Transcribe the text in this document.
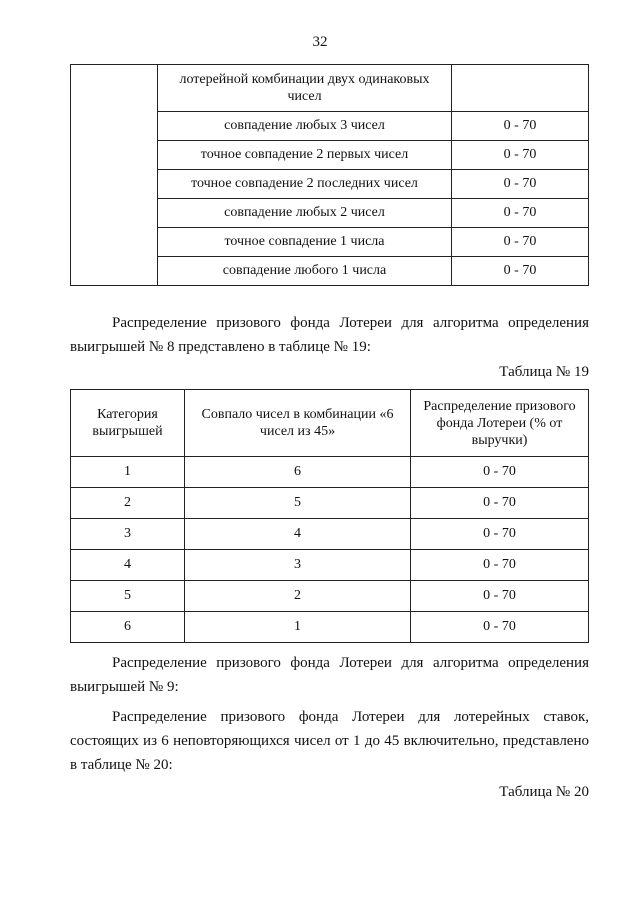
32
	лотерейной комбинации двух одинаковых чисел	
	совпадение любых 3 чисел	0 - 70
	точное совпадение 2 первых чисел	0 - 70
	точное совпадение 2 последних чисел	0 - 70
	совпадение любых 2 чисел	0 - 70
	точное совпадение 1 числа	0 - 70
	совпадение любого 1 числа	0 - 70
Распределение призового фонда Лотереи для алгоритма определения выигрышей № 8 представлено в таблице № 19:
Таблица № 19
Категория выигрышей	Совпало чисел в комбинации «6 чисел из 45»	Распределение призового фонда Лотереи (% от выручки)
1	6	0 - 70
2	5	0 - 70
3	4	0 - 70
4	3	0 - 70
5	2	0 - 70
6	1	0 - 70
Распределение призового фонда Лотереи для алгоритма определения выигрышей № 9:
Распределение призового фонда Лотереи для лотерейных ставок, состоящих из 6 неповторяющихся чисел от 1 до 45 включительно, представлено в таблице № 20:
Таблица № 20
